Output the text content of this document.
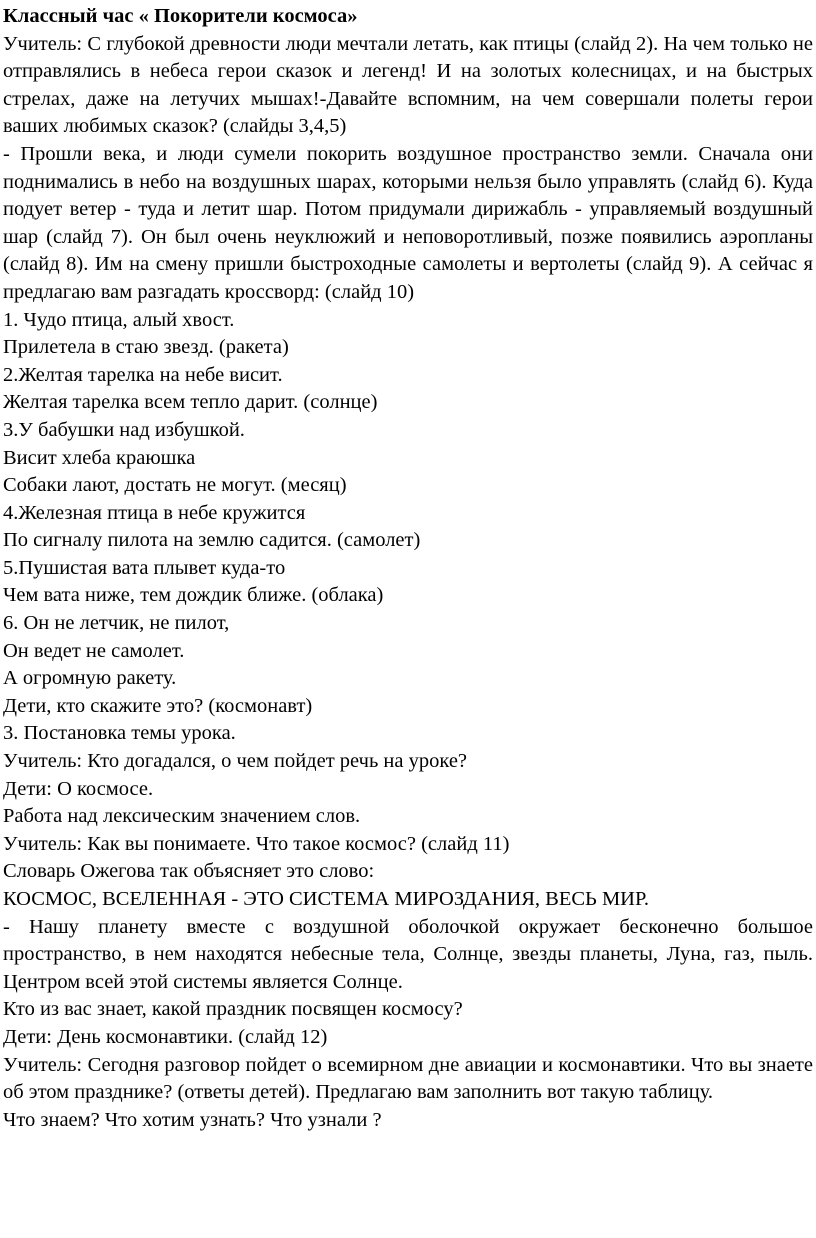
Классный час « Покорители космоса»

Учитель: С глубокой древности люди мечтали летать, как птицы (слайд 2). На чем только не отправлялись в небеса герои сказок и легенд! И на золотых колесницах, и на быстрых стрелах, даже на летучих мышах!-Давайте вспомним, на чем совершали полеты герои ваших любимых сказок? (слайды 3,4,5)

- Прошли века, и люди сумели покорить воздушное пространство земли. Сначала они поднимались в небо на воздушных шарах, которыми нельзя было управлять (слайд 6). Куда подует ветер - туда и летит шар. Потом придумали дирижабль - управляемый воздушный шар (слайд 7). Он был очень неуклюжий и неповоротливый, позже появились аэропланы (слайд 8). Им на смену пришли быстроходные самолеты и вертолеты (слайд 9). А сейчас я предлагаю вам разгадать кроссворд: (слайд 10)

1. Чудо птица, алый хвост.

Прилетела в стаю звезд. (ракета)

2.Желтая тарелка на небе висит.

Желтая тарелка всем тепло дарит. (солнце)

3.У бабушки над избушкой.

Висит хлеба краюшка

Собаки лают, достать не могут. (месяц)

4.Железная птица в небе кружится

По сигналу пилота на землю садится. (самолет)

5.Пушистая вата плывет куда-то

Чем вата ниже, тем дождик ближе. (облака)

6. Он не летчик, не пилот,

Он ведет не самолет.

А огромную ракету.

Дети, кто скажите это? (космонавт)

3. Постановка темы урока.

Учитель: Кто догадался, о чем пойдет речь на уроке?

Дети: О космосе.

Работа над лексическим значением слов.

Учитель: Как вы понимаете. Что такое космос? (слайд 11)

Словарь Ожегова так объясняет это слово:

КОСМОС, ВСЕЛЕННАЯ - ЭТО СИСТЕМА МИРОЗДАНИЯ, ВЕСЬ МИР.

- Нашу планету вместе с воздушной оболочкой окружает бесконечно большое пространство, в нем находятся небесные тела, Солнце, звезды планеты, Луна, газ, пыль. Центром всей этой системы является Солнце.

Кто из вас знает, какой праздник посвящен космосу?

Дети: День космонавтики. (слайд 12)

Учитель: Сегодня разговор пойдет о всемирном дне авиации и космонавтики. Что вы знаете об этом празднике? (ответы детей). Предлагаю вам заполнить вот такую таблицу.

Что знаем? Что хотим узнать? Что узнали ?
